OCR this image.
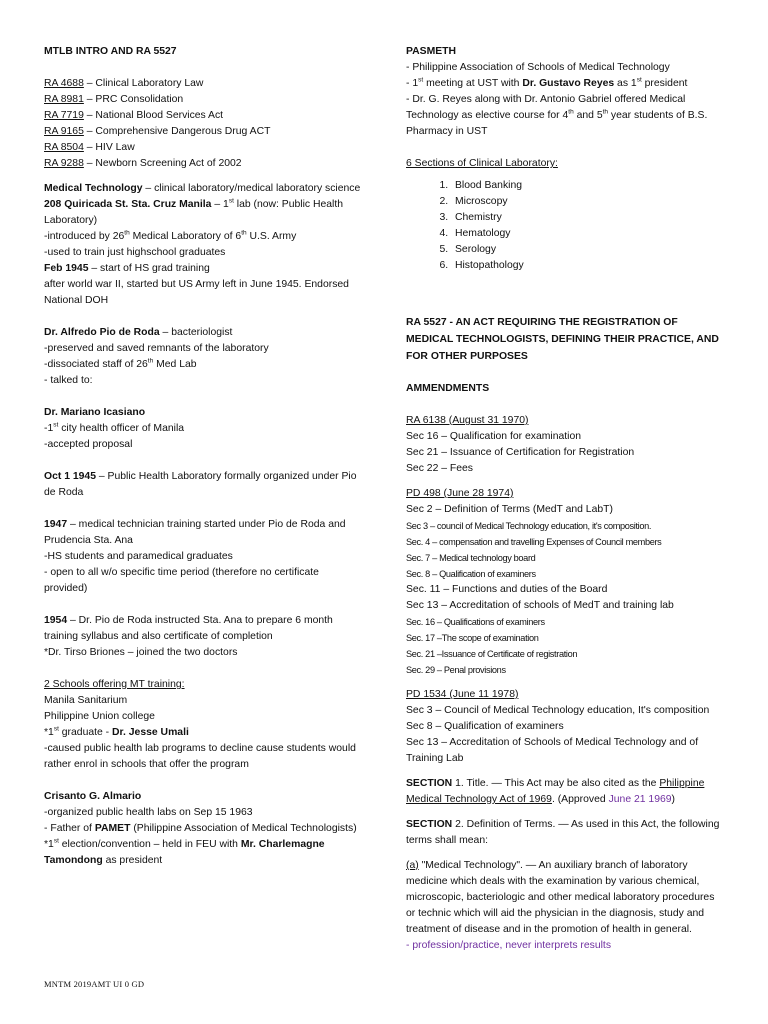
MTLB INTRO AND RA 5527

RA 4688 – Clinical Laboratory Law

RA 8981 – PRC Consolidation

RA 7719 – National Blood Services Act

RA 9165 – Comprehensive Dangerous Drug ACT

RA 8504 – HIV Law

RA 9288 – Newborn Screening Act of 2002

Medical Technology – clinical laboratory/medical laboratory science

208 Quiricada St. Sta. Cruz Manila – 1st lab (now: Public Health Laboratory)

-introduced by 26th Medical Laboratory of 6th U.S. Army

-used to train just highschool graduates

Feb 1945 – start of HS grad training

after world war II, started but US Army left in June 1945. Endorsed National DOH

Dr. Alfredo Pio de Roda – bacteriologist

-preserved and saved remnants of the laboratory

-dissociated staff of 26th Med Lab

- talked to:

Dr. Mariano Icasiano

-1st city health officer of Manila

-accepted proposal

Oct 1 1945 – Public Health Laboratory formally organized under Pio de Roda

1947 – medical technician training started under Pio de Roda and Prudencia Sta. Ana

-HS students and paramedical graduates

- open to all w/o specific time period (therefore no certificate provided)

1954 – Dr. Pio de Roda instructed Sta. Ana to prepare 6 month training syllabus and also certificate of completion

*Dr. Tirso Briones – joined the two doctors

2 Schools offering MT training:

Manila Sanitarium

Philippine Union college

*1st graduate - Dr. Jesse Umali

-caused public health lab programs to decline cause students would rather enrol in schools that offer the program

Crisanto G. Almario

-organized public health labs on Sep 15 1963

- Father of PAMET (Philippine Association of Medical Technologists)

*1st election/convention – held in FEU with Mr. Charlemagne Tamondong as president

PASMETH

- Philippine Association of Schools of Medical Technology

- 1st meeting at UST with Dr. Gustavo Reyes as 1st president

- Dr. G. Reyes along with Dr. Antonio Gabriel offered Medical Technology as elective course for 4th and 5th year students of B.S. Pharmacy in UST

6 Sections of Clinical Laboratory:

1. Blood Banking
2. Microscopy
3. Chemistry
4. Hematology
5. Serology
6. Histopathology

RA 5527 - AN ACT REQUIRING THE REGISTRATION OF MEDICAL TECHNOLOGISTS, DEFINING THEIR PRACTICE, AND FOR OTHER PURPOSES

AMMENDMENTS

RA 6138 (August 31 1970)

Sec 16 – Qualification for examination

Sec 21 – Issuance of Certification for Registration

Sec 22 – Fees

PD 498 (June 28 1974)

Sec 2 – Definition of Terms (MedT and LabT)

Sec 3 – council of Medical Technology education, it's composition.

Sec. 4 – compensation and travelling Expenses of Council members

Sec. 7 – Medical technology board

Sec. 8 – Qualification of examiners

Sec. 11 – Functions and duties of the Board

Sec 13 – Accreditation of schools of MedT and training lab

Sec. 16 – Qualifications of examiners

Sec. 17 –The scope of examination

Sec. 21 –Issuance of Certificate of registration

Sec. 29 – Penal provisions

PD 1534 (June 11 1978)

Sec 3 – Council of Medical Technology education, It's composition

Sec 8 – Qualification of examiners

Sec 13 – Accreditation of Schools of Medical Technology and of Training Lab

SECTION 1. Title. — This Act may be also cited as the Philippine Medical Technology Act of 1969. (Approved June 21 1969)

SECTION 2. Definition of Terms. — As used in this Act, the following terms shall mean:

(a) "Medical Technology". — An auxiliary branch of laboratory medicine which deals with the examination by various chemical, microscopic, bacteriologic and other medical laboratory procedures or technic which will aid the physician in the diagnosis, study and treatment of disease and in the promotion of health in general.

- profession/practice, never interprets results

MNTM 2019AMT UI 0 GD
